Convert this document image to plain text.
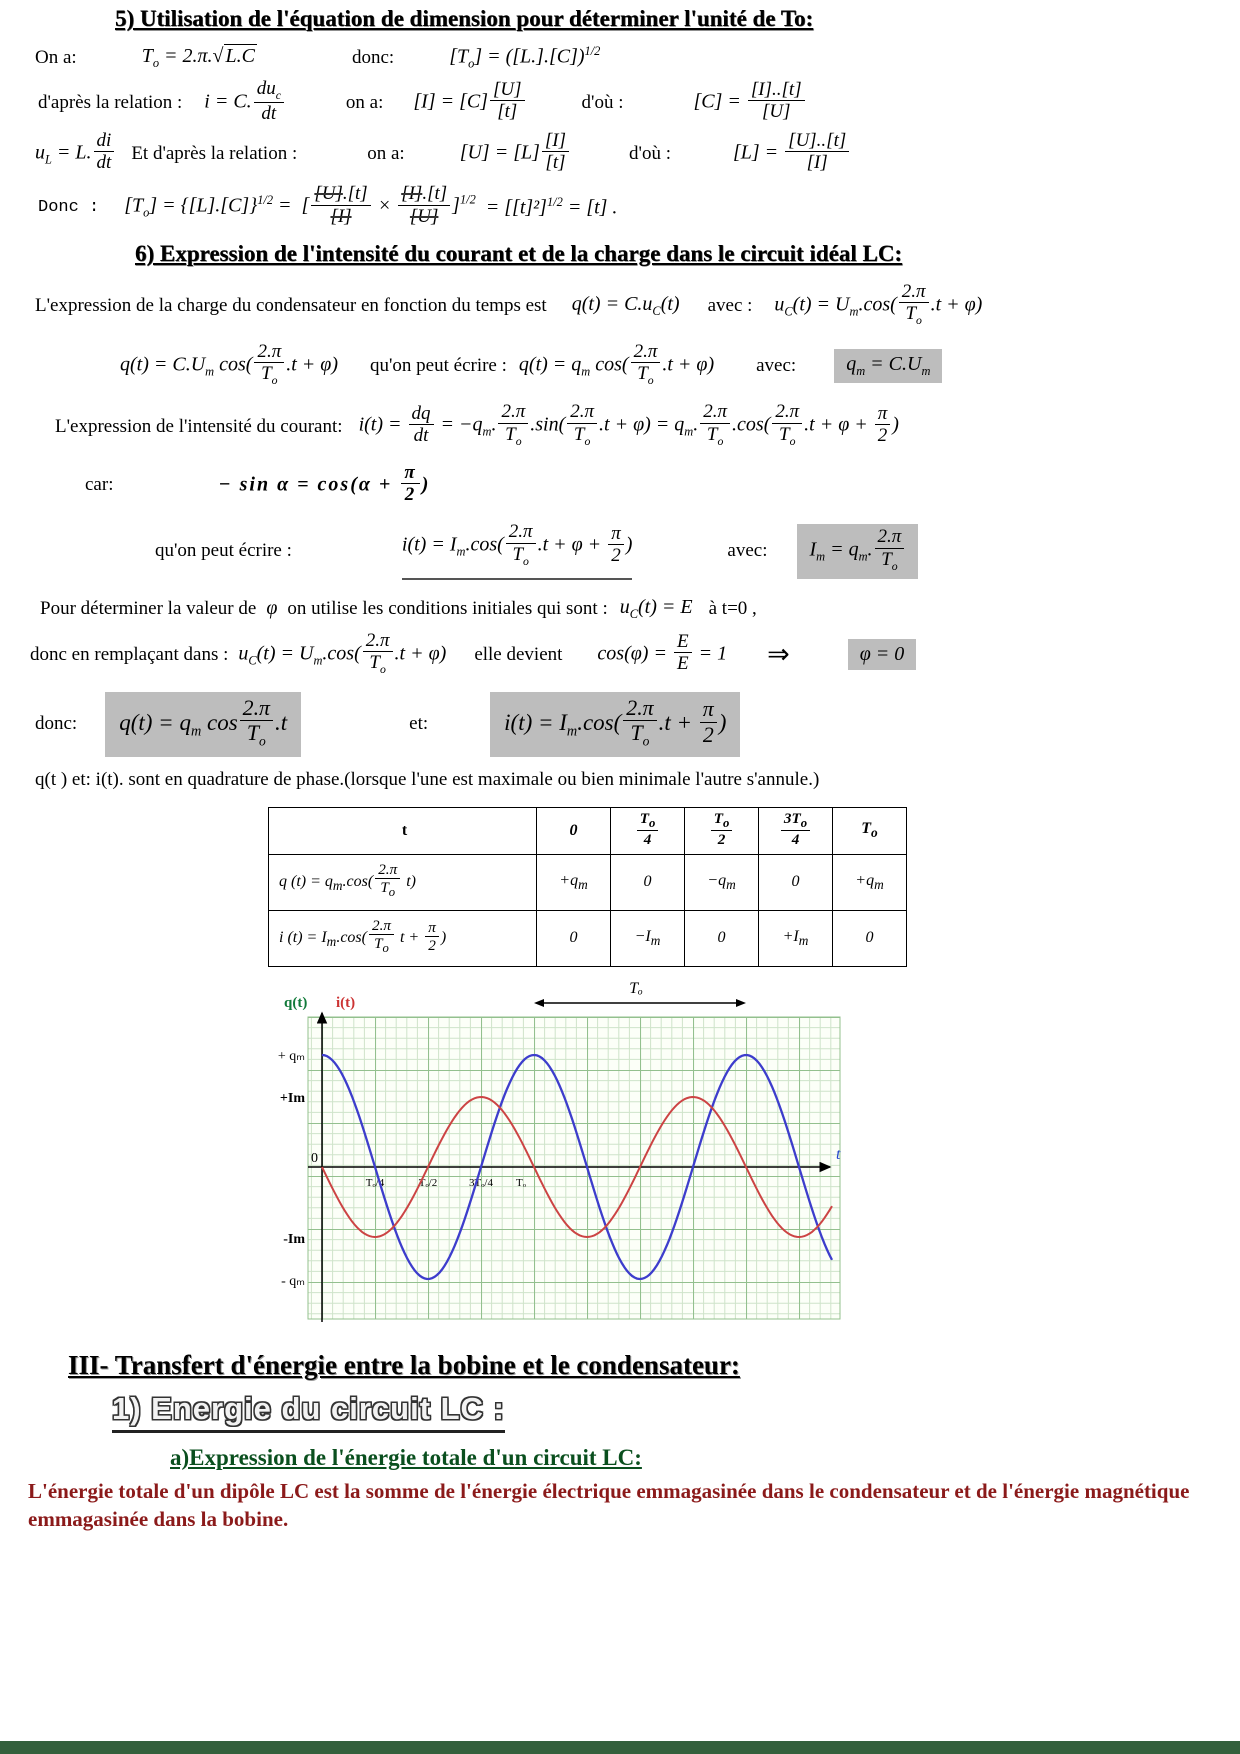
5) Utilisation de l'équation de dimension pour déterminer l'unité de To:
On a:	$T_o = 2.\pi.√$ L.C	donc:	$[T_o] = ([L.].[C])^{1/2}$
d'après la relation : i = C. $\frac{du_c}{dt}$	on a: $[I] = [C] \frac{[U]}{[t]}$	d'où :	$[C] = \frac{[I]..[t]}{[U]}$
$u_L = L$. $\frac{di}{dt}$ Et d'après la relation :	on a:	$[U] = [L] \frac{[I]}{[t]}$	d'où :	$[L] = \frac{[U]..[t]}{[I]}$
Donc : $[T_o] = \{[L].[C]\}^{1/2}$ = [ $\frac{[U].[t]}{[I]} \times \frac{[I].[t]}{[U]} ]^{1/2} = [[t]^2]^{1/2} = [t]$ .
6) Expression de l'intensité du courant et de la charge dans le circuit idéal LC:
L'expression de la charge du condensateur en fonction du temps est $q(t) = C.u_C(t)$ avec : $u_C(t) = U_m.\cos( \frac{2.\pi}{T_o} .t + \varphi)$
$q(t) = C.U_m$ $\cos( \frac{2.\pi}{T_o} .t + \varphi)$ qu'on peut écrire : $q(t) = q_m$ $\cos( \frac{2.\pi}{T_o} .t + \varphi)$ avec:	$q_m = C.U_m$
L'expression de l'intensité du courant: $i(t) = \frac{dq}{dt} = -q_m$. $\frac{2.\pi}{T_o} .\sin( \frac{2.\pi}{T_o} .t + \varphi) = q_m$. $\frac{2.\pi}{T_o} .\cos( \frac{2.\pi}{T_o} .t + \varphi + \frac{\pi}{2}$ )
car:	− $\sin \alpha = \cos(\alpha + \frac{\pi}{2}$ )
qu'on peut écrire :	$i(t) = I_m.\cos( \frac{2.\pi}{T_o} .t + \varphi + \frac{\pi}{2}$ )	avec:	$I_m = q_m$. $\frac{2.\pi}{T_o}$
Pour déterminer la valeur de φ on utilise les conditions initiales qui sont : $u_C(t) = E$ à t=0 ,
donc en remplaçant dans : $u_C(t) = U_m.\cos( \frac{2.\pi}{T_o} .t + \varphi)$ elle devient $\cos(\varphi) = \frac{E}{E} = 1$ ⇒	φ = 0
donc:	$q(t) = q_m$ $\cos \frac{2.\pi}{T_o} .t$	et:	$i(t) = I_m.\cos( \frac{2.\pi}{T_o} .t + \frac{\pi}{2}$ )
q(t ) et: i(t). sont en quadrature de phase.(lorsque l'une est maximale ou bien minimale l'autre s'annule.)
t	0	$\frac{T_o}{4}$	$\frac{T_o}{2}$	$\frac{3T_o}{4}$	$T_o$
q $(t) = q_m.\cos( \frac{2.\pi}{T_o} t)$	$+q_m$	0	$-q_m$	0	$+q_m$
i $(t) = I_m.\cos( \frac{2.\pi}{T_o}$ $t + \frac{\pi}{2}$ )	0	$-I_m$	0	$+I_m$	0
Tₒ
q(t) i(t)
t
+ qₘ
+Im
0
-Im
- qₘ
Tₒ/4	Tₒ/2	3Tₒ/4 Tₒ
III- Transfert d'énergie entre la bobine et le condensateur:
1) Energie du circuit LC :
a)Expression de l'énergie totale d'un circuit LC:
L'énergie totale d'un dipôle LC est la somme de l'énergie électrique emmagasinée dans le condensateur et de l'énergie magnétique emmagasinée dans la bobine.
